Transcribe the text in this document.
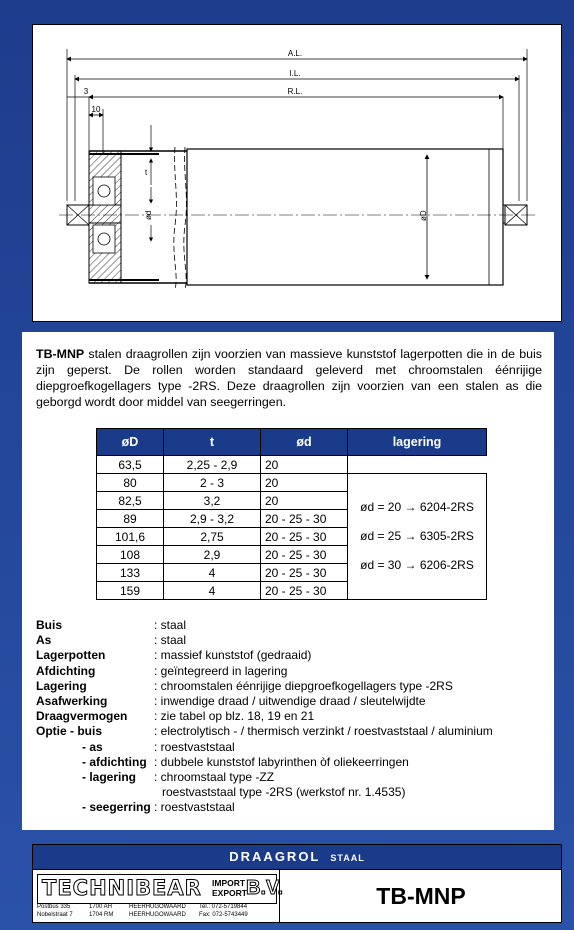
A.L.
I.L.
R.L.
3
10
t
ød	øD
TB-MNP stalen draagrollen zijn voorzien van massieve kunststof lagerpotten die in de buis zijn geperst. De rollen worden standaard geleverd met chroomstalen éénrijige diepgroefkogellagers type -2RS. Deze draagrollen zijn voorzien van een stalen as die geborgd wordt door middel van seegerringen.
øD	t	ød	lagering
63,5	2,25 - 2,9	20	
80	2 - 3	20	ød = 20 → 6204-2RS
ød = 25 → 6305-2RS
ød = 30 → 6206-2RS

82,5	3,2	20	
89	2,9 - 3,2	20 - 25 - 30	
101,6	2,75	20 - 25 - 30	
108	2,9	20 - 25 - 30	
133	4	20 - 25 - 30	
159	4	20 - 25 - 30	
Buis	: staal
As	: staal
Lagerpotten	: massief kunststof (gedraaid)
Afdichting	: geïntegreerd in lagering
Lagering	: chroomstalen éénrijige diepgroefkogellagers type -2RS
Asafwerking	: inwendige draad / uitwendige draad / sleutelwijdte
Draagvermogen : zie tabel op blz. 18, 19 en 21
Optie - buis	: electrolytisch - / thermisch verzinkt / roestvaststaal / aluminium
- as	: roestvaststaal
- afdichting : dubbele kunststof labyrinthen òf oliekeerringen
- lagering : chroomstaal type -ZZ
roestvaststaal type -2RS (werkstof nr. 1.4535)
- seegerring : roestvaststaal
DRAAGROL STAAL
TECHNIBEAR IMPORT
EXPORT B.V.
Postbus 335
Nobelstraat 7
1700 AH
1704 RM
HEERHUGOWAARD
HEERHUGOWAARD
Tel.: 072-5719844
Fax: 072-5743449
TB-MNP
